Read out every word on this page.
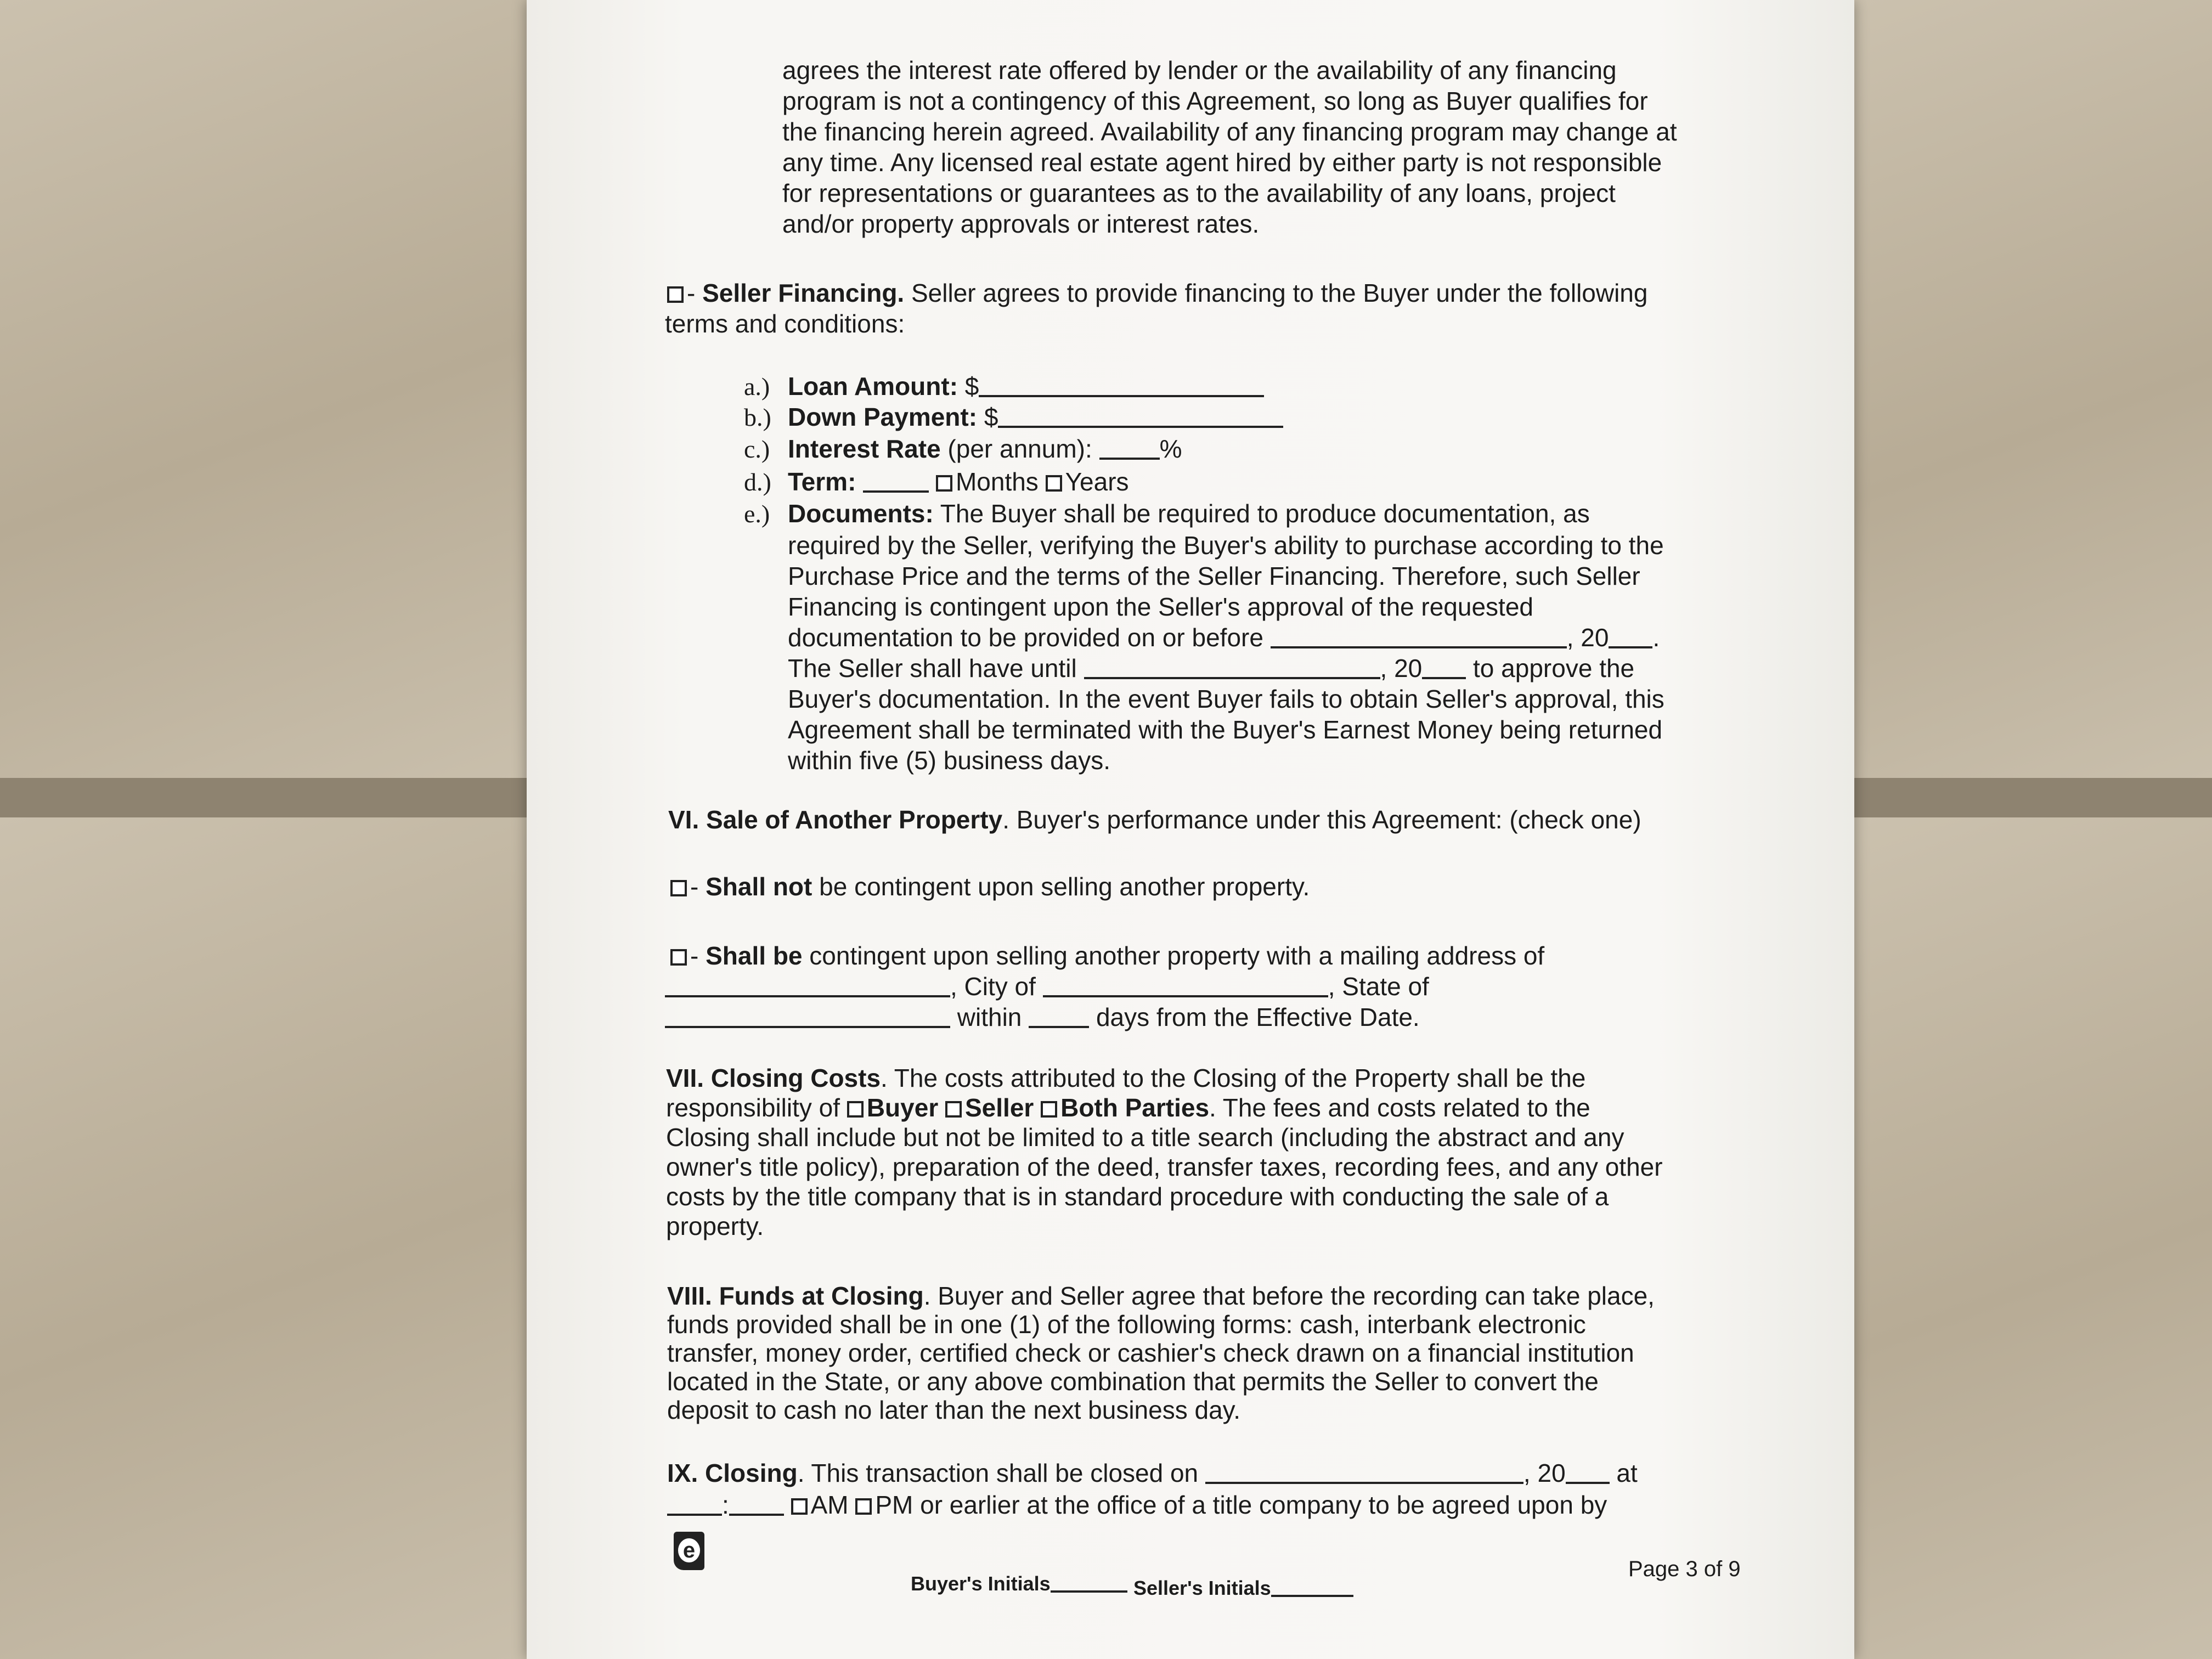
agrees the interest rate offered by lender or the availability of any financing
program is not a contingency of this Agreement, so long as Buyer qualifies for
the financing herein agreed. Availability of any financing program may change at
any time. Any licensed real estate agent hired by either party is not responsible
for representations or guarantees as to the availability of any loans, project
and/or property approvals or interest rates.
- Seller Financing. Seller agrees to provide financing to the Buyer under the following
terms and conditions:
a.) Loan Amount: $
b.) Down Payment: $
c.) Interest Rate (per annum): %
d.) Term:	Months Years
e.) Documents: The Buyer shall be required to produce documentation, as
required by the Seller, verifying the Buyer's ability to purchase according to the
Purchase Price and the terms of the Seller Financing. Therefore, such Seller
Financing is contingent upon the Seller's approval of the requested
documentation to be provided on or before	, 20 .
The Seller shall have until	, 20 to approve the
Buyer's documentation. In the event Buyer fails to obtain Seller's approval, this
Agreement shall be terminated with the Buyer's Earnest Money being returned
within five (5) business days.
VI. Sale of Another Property. Buyer's performance under this Agreement: (check one)
- Shall not be contingent upon selling another property.
- Shall be contingent upon selling another property with a mailing address of
, City of	, State of
within  days from the Effective Date.
VII. Closing Costs. The costs attributed to the Closing of the Property shall be the
responsibility of Buyer Seller Both Parties. The fees and costs related to the
Closing shall include but not be limited to a title search (including the abstract and any
owner's title policy), preparation of the deed, transfer taxes, recording fees, and any other
costs by the title company that is in standard procedure with conducting the sale of a
property.
VIII. Funds at Closing. Buyer and Seller agree that before the recording can take place,
funds provided shall be in one (1) of the following forms: cash, interbank electronic
transfer, money order, certified check or cashier's check drawn on a financial institution
located in the State, or any above combination that permits the Seller to convert the
deposit to cash no later than the next business day.
IX. Closing. This transaction shall be closed on	, 20 at
:	AM PM or earlier at the office of a title company to be agreed upon by
e
Buyer's Initials	Seller's Initials
Page 3 of 9
